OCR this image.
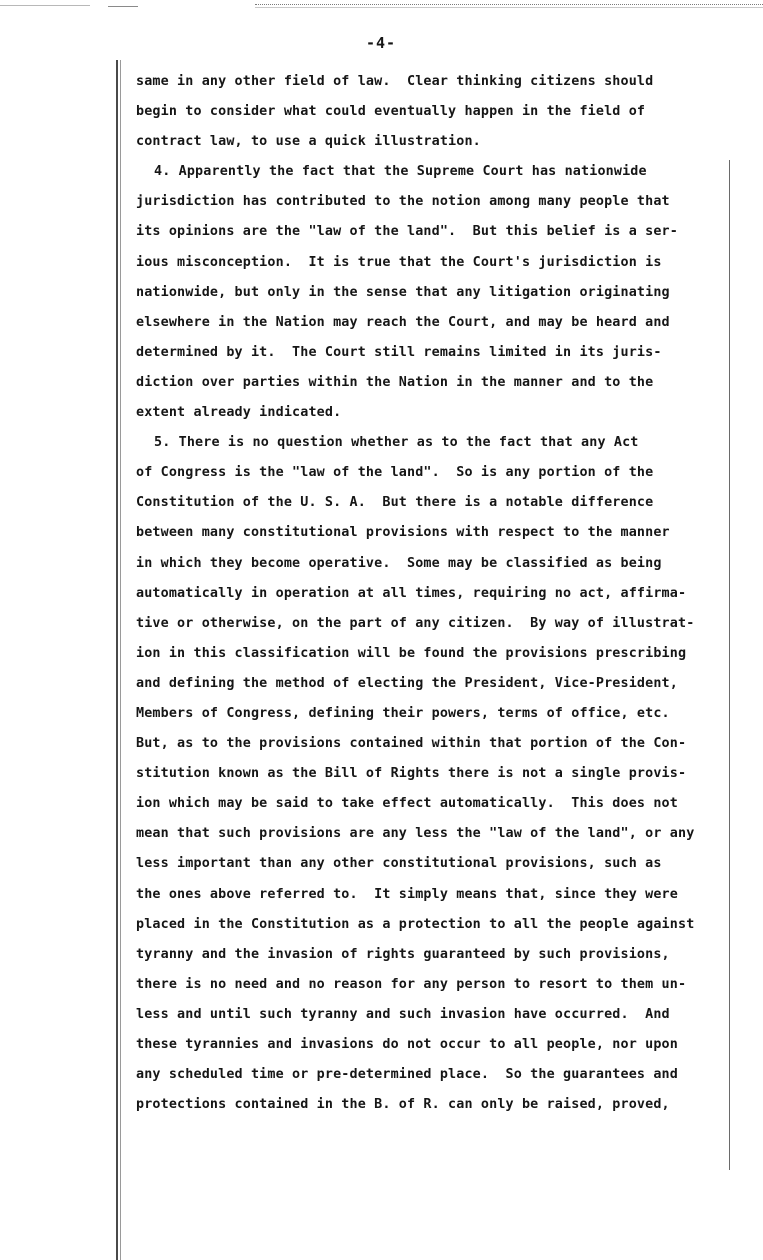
-4-
same in any other field of law.  Clear thinking citizens should
begin to consider what could eventually happen in the field of
contract law, to use a quick illustration.
4. Apparently the fact that the Supreme Court has nationwide
jurisdiction has contributed to the notion among many people that
its opinions are the "law of the land".  But this belief is a ser-
ious misconception.  It is true that the Court's jurisdiction is
nationwide, but only in the sense that any litigation originating
elsewhere in the Nation may reach the Court, and may be heard and
determined by it.  The Court still remains limited in its juris-
diction over parties within the Nation in the manner and to the
extent already indicated.
5. There is no question whether as to the fact that any Act
of Congress is the "law of the land".  So is any portion of the
Constitution of the U. S. A.  But there is a notable difference
between many constitutional provisions with respect to the manner
in which they become operative.  Some may be classified as being
automatically in operation at all times, requiring no act, affirma-
tive or otherwise, on the part of any citizen.  By way of illustrat-
ion in this classification will be found the provisions prescribing
and defining the method of electing the President, Vice-President,
Members of Congress, defining their powers, terms of office, etc.
But, as to the provisions contained within that portion of the Con-
stitution known as the Bill of Rights there is not a single provis-
ion which may be said to take effect automatically.  This does not
mean that such provisions are any less the "law of the land", or any
less important than any other constitutional provisions, such as
the ones above referred to.  It simply means that, since they were
placed in the Constitution as a protection to all the people against
tyranny and the invasion of rights guaranteed by such provisions,
there is no need and no reason for any person to resort to them un-
less and until such tyranny and such invasion have occurred.  And
these tyrannies and invasions do not occur to all people, nor upon
any scheduled time or pre-determined place.  So the guarantees and
protections contained in the B. of R. can only be raised, proved,
